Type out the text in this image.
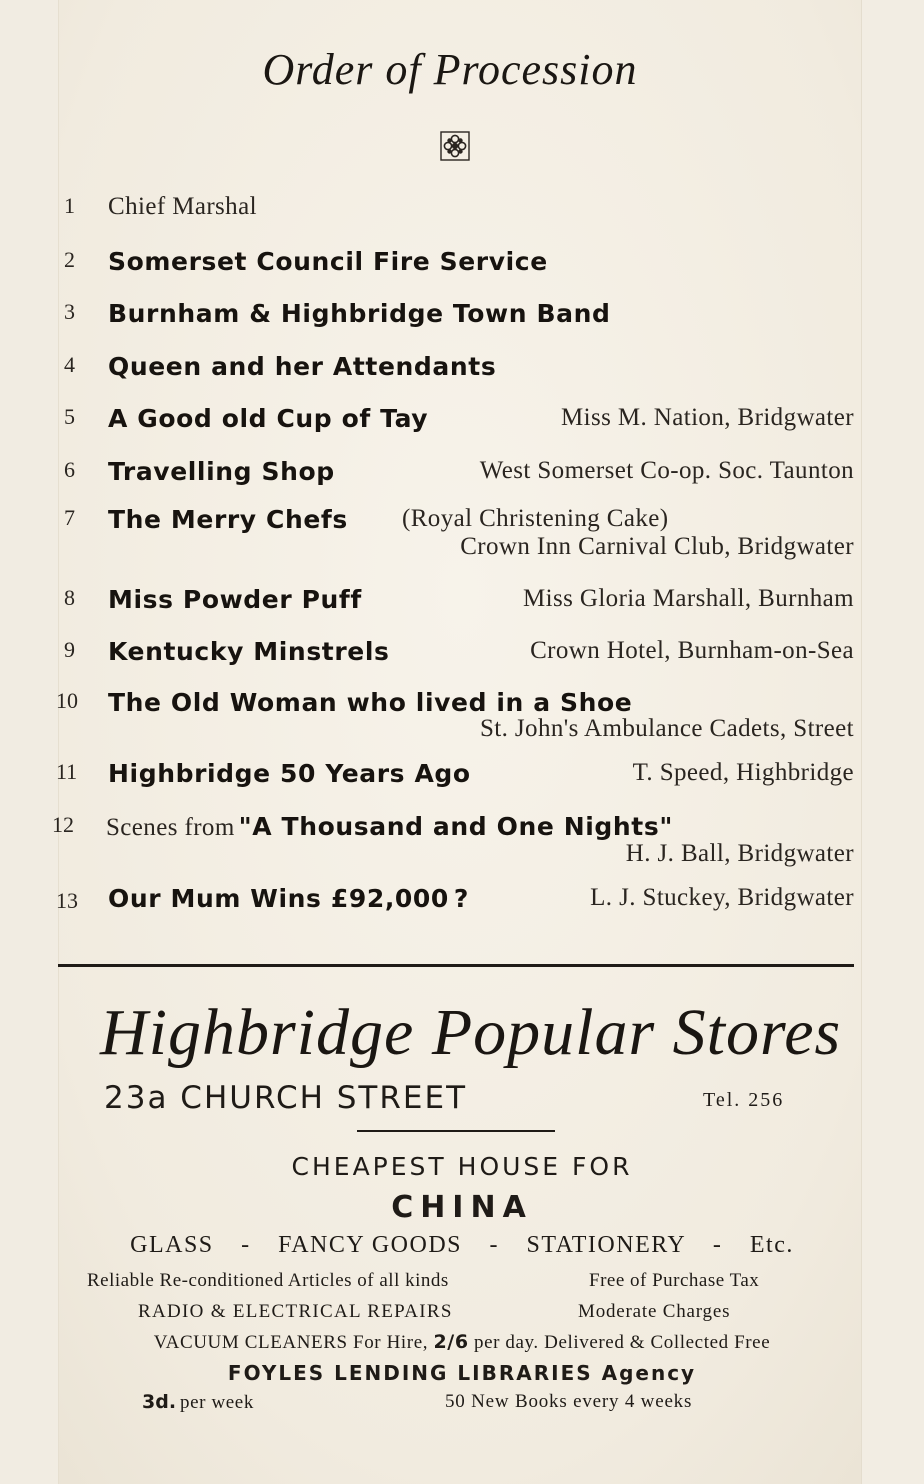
Order of Procession
1	Chief Marshal
2	Somerset Council Fire Service
3	Burnham & Highbridge Town Band
4	Queen and her Attendants
5	A Good old Cup of Tay	Miss M. Nation, Bridgwater
6	Travelling Shop	West Somerset Co-op. Soc. Taunton
7	The Merry Chefs (Royal Christening Cake)
Crown Inn Carnival Club, Bridgwater
8	Miss Powder Puff	Miss Gloria Marshall, Burnham
9	Kentucky Minstrels	Crown Hotel, Burnham-on-Sea
10	The Old Woman who lived in a Shoe
St. John's Ambulance Cadets, Street
11	Highbridge 50 Years Ago	T. Speed, Highbridge
12	Scenes from "A Thousand and One Nights"
H. J. Ball, Bridgwater
13	Our Mum Wins £92,000 ?	L. J. Stuckey, Bridgwater
Highbridge Popular Stores
23a CHURCH STREET	Tel. 256
CHEAPEST HOUSE FOR
CHINA
GLASS - FANCY GOODS - STATIONERY - Etc.
Reliable Re-conditioned Articles of all kinds	Free of Purchase Tax
RADIO & ELECTRICAL REPAIRS	Moderate Charges
VACUUM CLEANERS For Hire, 2/6 per day. Delivered & Collected Free
FOYLES LENDING LIBRARIES Agency
3d. per week	50 New Books every 4 weeks
